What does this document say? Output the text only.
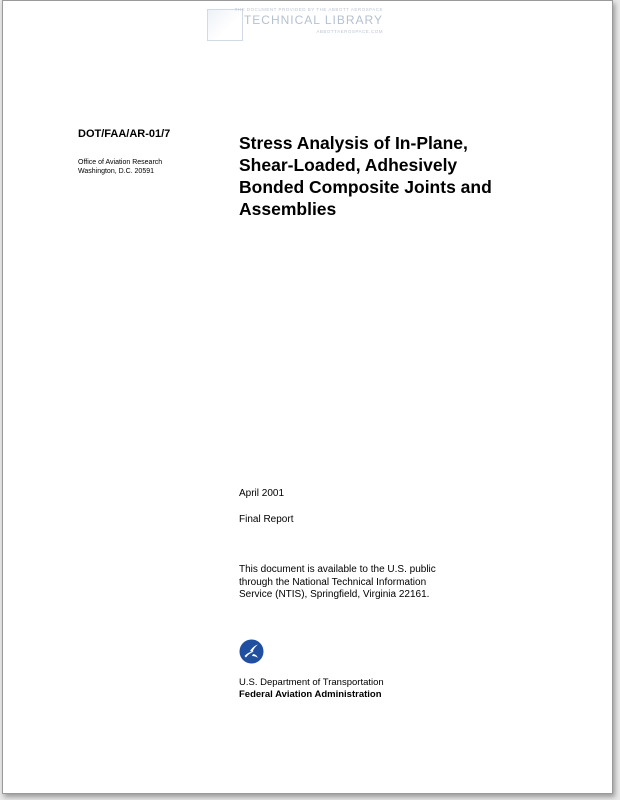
THE DOCUMENT PROVIDED BY THE ABBOTT AEROSPACE
TECHNICAL LIBRARY
ABBOTTAEROSPACE.COM
DOT/FAA/AR-01/7
Office of Aviation Research
Washington, D.C. 20591
Stress Analysis of In-Plane,
Shear-Loaded, Adhesively
Bonded Composite Joints and
Assemblies
April 2001
Final Report
This document is available to the U.S. public
through the National Technical Information
Service (NTIS), Springfield, Virginia 22161.
U.S. Department of Transportation
Federal Aviation Administration
